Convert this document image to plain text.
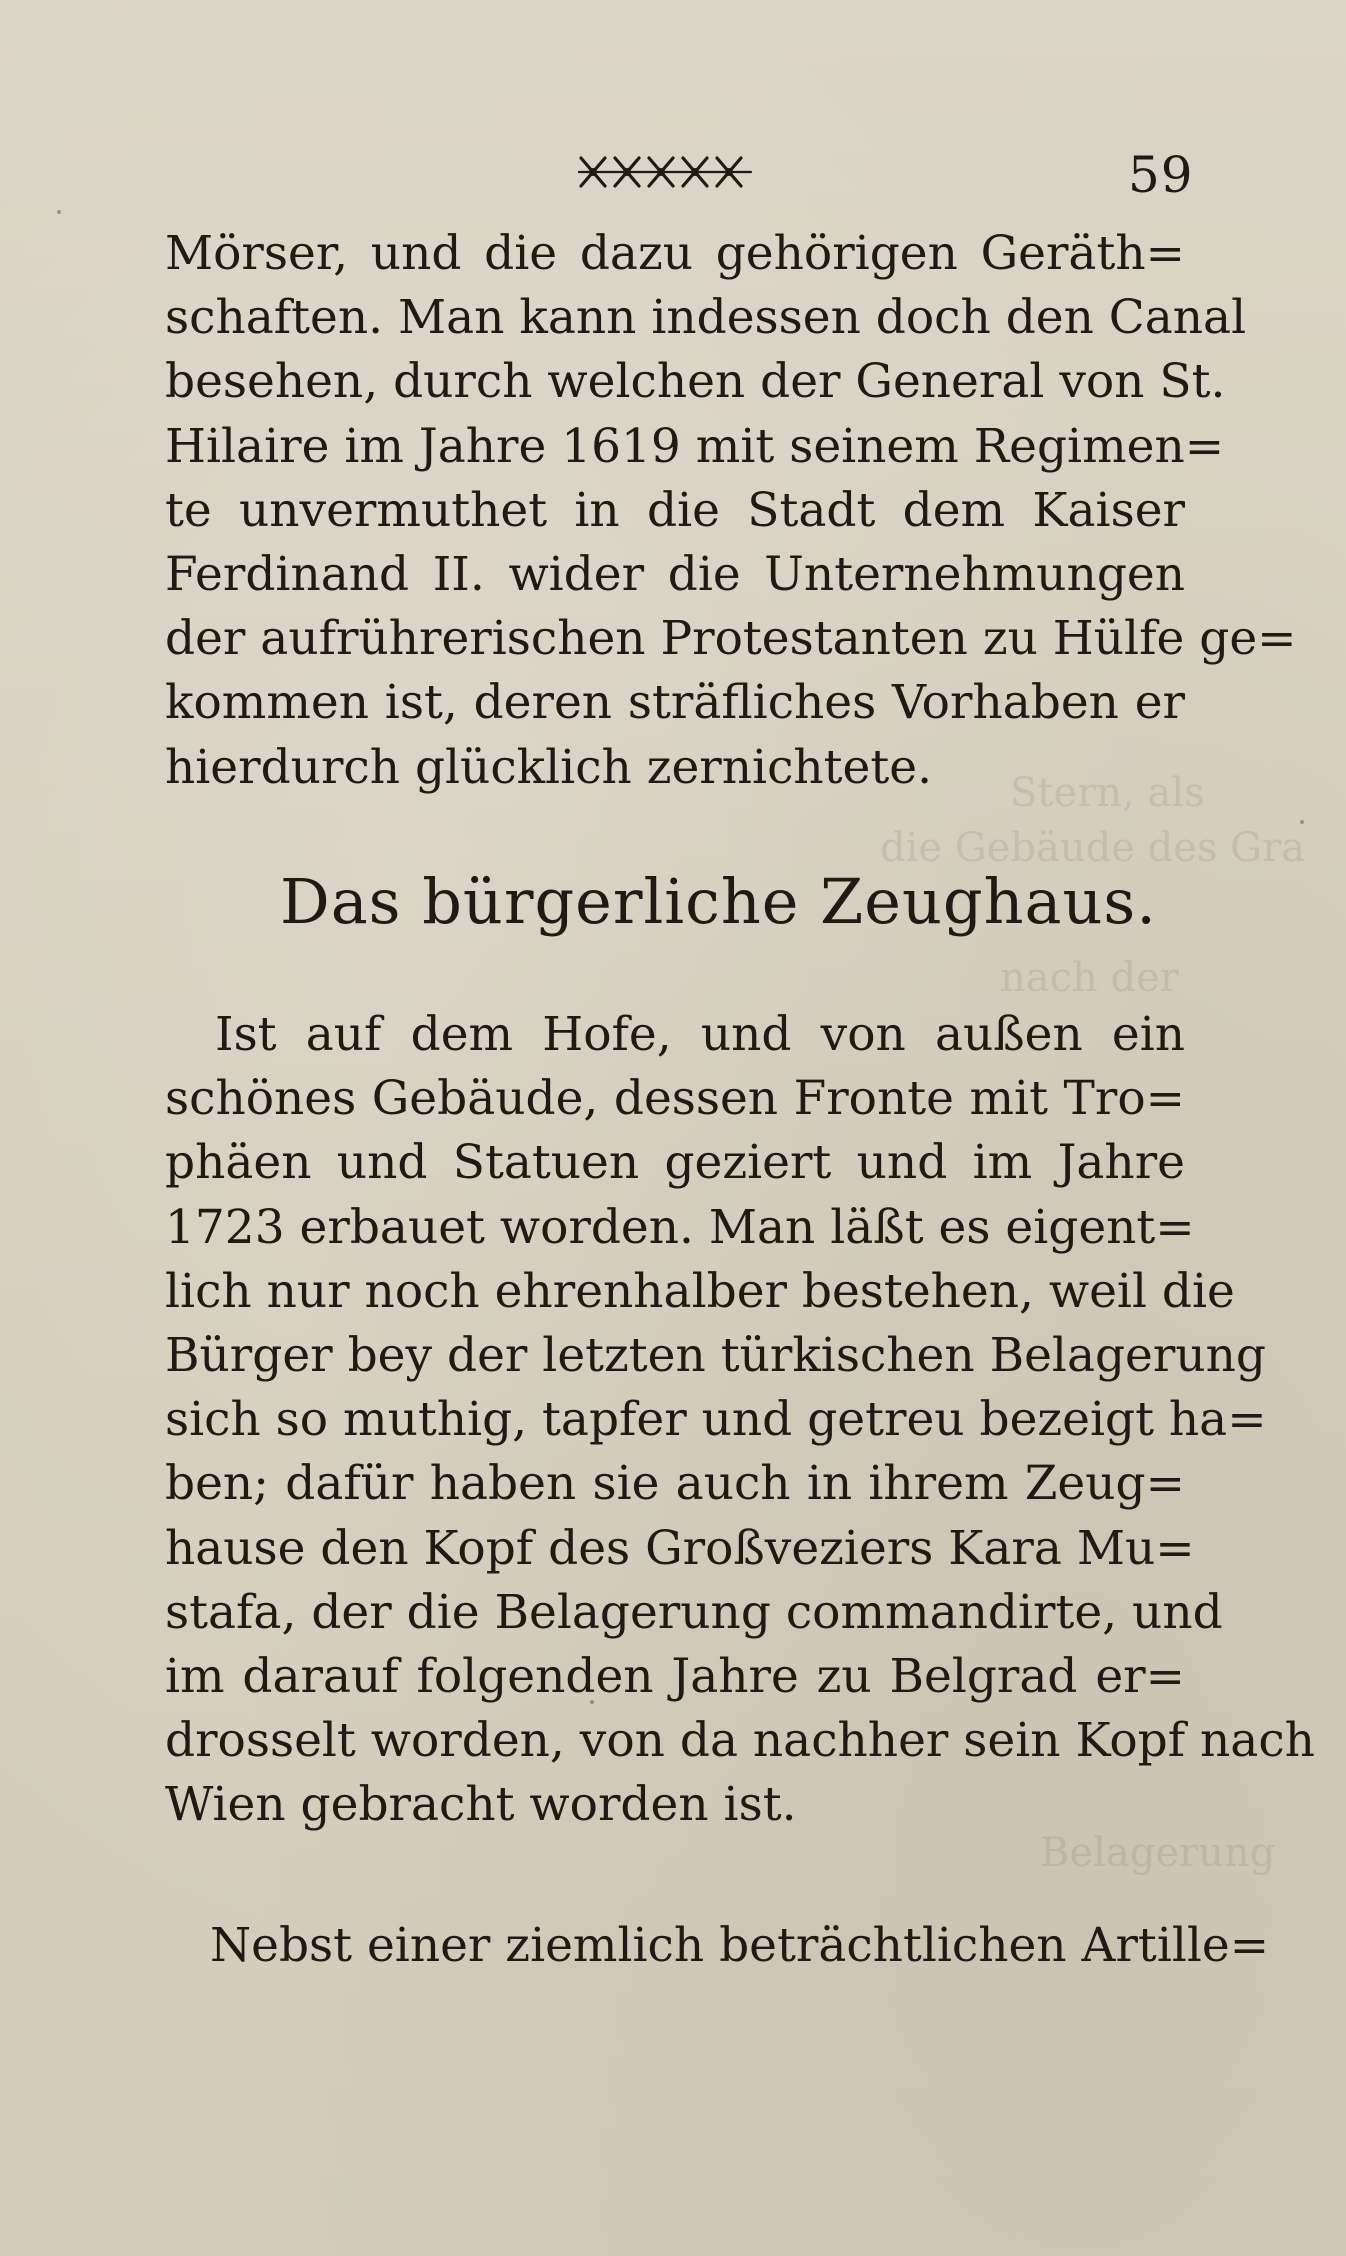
Stern, als
die Gebäude des Gra
nach der
Belagerung
59
Mörser, und die dazu gehörigen Geräth=
schaften. Man kann indessen doch den Canal
besehen, durch welchen der General von St.
Hilaire im Jahre 1619 mit seinem Regimen=
te unvermuthet in die Stadt dem Kaiser
Ferdinand II. wider die Unternehmungen
der aufrührerischen Protestanten zu Hülfe ge=
kommen ist, deren sträfliches Vorhaben er
hierdurch glücklich zernichtete.
Das bürgerliche Zeughaus.
Ist auf dem Hofe, und von außen ein
schönes Gebäude, dessen Fronte mit Tro=
phäen und Statuen geziert und im Jahre
1723 erbauet worden. Man läßt es eigent=
lich nur noch ehrenhalber bestehen, weil die
Bürger bey der letzten türkischen Belagerung
sich so muthig, tapfer und getreu bezeigt ha=
ben; dafür haben sie auch in ihrem Zeug=
hause den Kopf des Großveziers Kara Mu=
stafa, der die Belagerung commandirte, und
im darauf folgenden Jahre zu Belgrad er=
drosselt worden, von da nachher sein Kopf nach
Wien gebracht worden ist.
Nebst einer ziemlich beträchtlichen Artille=
